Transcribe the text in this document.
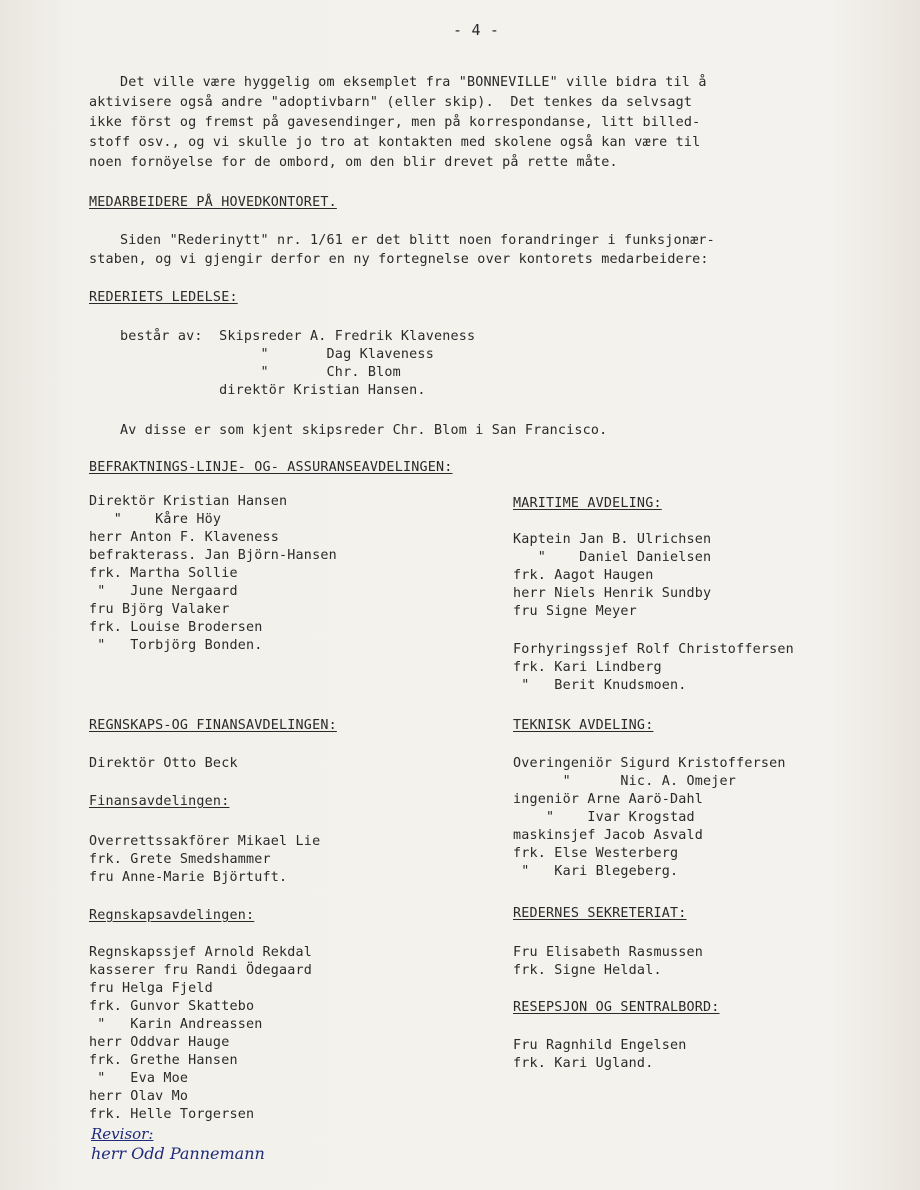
- 4 -
Det ville være hyggelig om eksemplet fra "BONNEVILLE" ville bidra til å
aktivisere også andre "adoptivbarn" (eller skip).  Det tenkes da selvsagt
ikke först og fremst på gavesendinger, men på korrespondanse, litt billed-
stoff osv., og vi skulle jo tro at kontakten med skolene også kan være til
noen fornöyelse for de ombord, om den blir drevet på rette måte.
MEDARBEIDERE PÅ HOVEDKONTORET.
Siden "Rederinytt" nr. 1/61 er det blitt noen forandringer i funksjonær-
staben, og vi gjengir derfor en ny fortegnelse over kontorets medarbeidere:
REDERIETS LEDELSE:
består av:  Skipsreder A. Fredrik Klaveness
"       Dag Klaveness
"       Chr. Blom
direktör Kristian Hansen.
Av disse er som kjent skipsreder Chr. Blom i San Francisco.
BEFRAKTNINGS-LINJE- OG- ASSURANSEAVDELINGEN:
Direktör Kristian Hansen
"    Kåre Höy
herr Anton F. Klaveness
befrakterass. Jan Björn-Hansen
frk. Martha Sollie
"   June Nergaard
fru Björg Valaker
frk. Louise Brodersen
"   Torbjörg Bonden.
MARITIME AVDELING:
Kaptein Jan B. Ulrichsen
"    Daniel Danielsen
frk. Aagot Haugen
herr Niels Henrik Sundby
fru Signe Meyer
Forhyringssjef Rolf Christoffersen
frk. Kari Lindberg
"   Berit Knudsmoen.
REGNSKAPS-OG FINANSAVDELINGEN:
Direktör Otto Beck
Finansavdelingen:
Overrettssakförer Mikael Lie
frk. Grete Smedshammer
fru Anne-Marie Björtuft.
Regnskapsavdelingen:
Regnskapssjef Arnold Rekdal
kasserer fru Randi Ödegaard
fru Helga Fjeld
frk. Gunvor Skattebo
"   Karin Andreassen
herr Oddvar Hauge
frk. Grethe Hansen
"   Eva Moe
herr Olav Mo
frk. Helle Torgersen
TEKNISK AVDELING:
Overingeniör Sigurd Kristoffersen
"      Nic. A. Omejer
ingeniör Arne Aarö-Dahl
"    Ivar Krogstad
maskinsjef Jacob Asvald
frk. Else Westerberg
"   Kari Blegeberg.
REDERNES SEKRETERIAT:
Fru Elisabeth Rasmussen
frk. Signe Heldal.
RESEPSJON OG SENTRALBORD:
Fru Ragnhild Engelsen
frk. Kari Ugland.
Revisor:
herr Odd Pannemann
